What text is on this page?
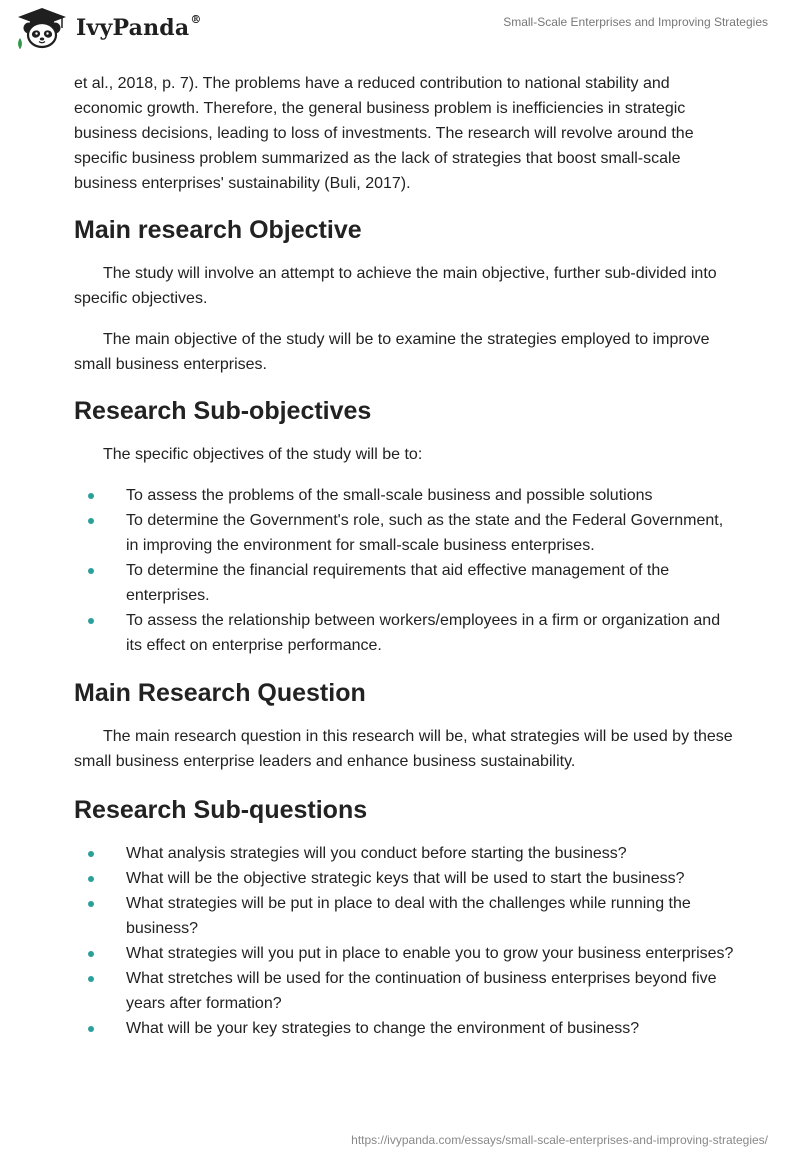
IvyPanda®	Small-Scale Enterprises and Improving Strategies

et al., 2018, p. 7). The problems have a reduced contribution to national stability and economic growth. Therefore, the general business problem is inefficiencies in strategic business decisions, leading to loss of investments. The research will revolve around the specific business problem summarized as the lack of strategies that boost small-scale business enterprises' sustainability (Buli, 2017).

Main research Objective

The study will involve an attempt to achieve the main objective, further sub-divided into specific objectives.

The main objective of the study will be to examine the strategies employed to improve small business enterprises.

Research Sub-objectives

The specific objectives of the study will be to:

To assess the problems of the small-scale business and possible solutions
To determine the Government's role, such as the state and the Federal Government, in improving the environment for small-scale business enterprises.
To determine the financial requirements that aid effective management of the enterprises.
To assess the relationship between workers/employees in a firm or organization and its effect on enterprise performance.
Main Research Question

The main research question in this research will be, what strategies will be used by these small business enterprise leaders and enhance business sustainability.

Research Sub-questions
What analysis strategies will you conduct before starting the business?
What will be the objective strategic keys that will be used to start the business?
What strategies will be put in place to deal with the challenges while running the business?
What strategies will you put in place to enable you to grow your business enterprises?
What stretches will be used for the continuation of business enterprises beyond five years after formation?
What will be your key strategies to change the environment of business?
https://ivypanda.com/essays/small-scale-enterprises-and-improving-strategies/
